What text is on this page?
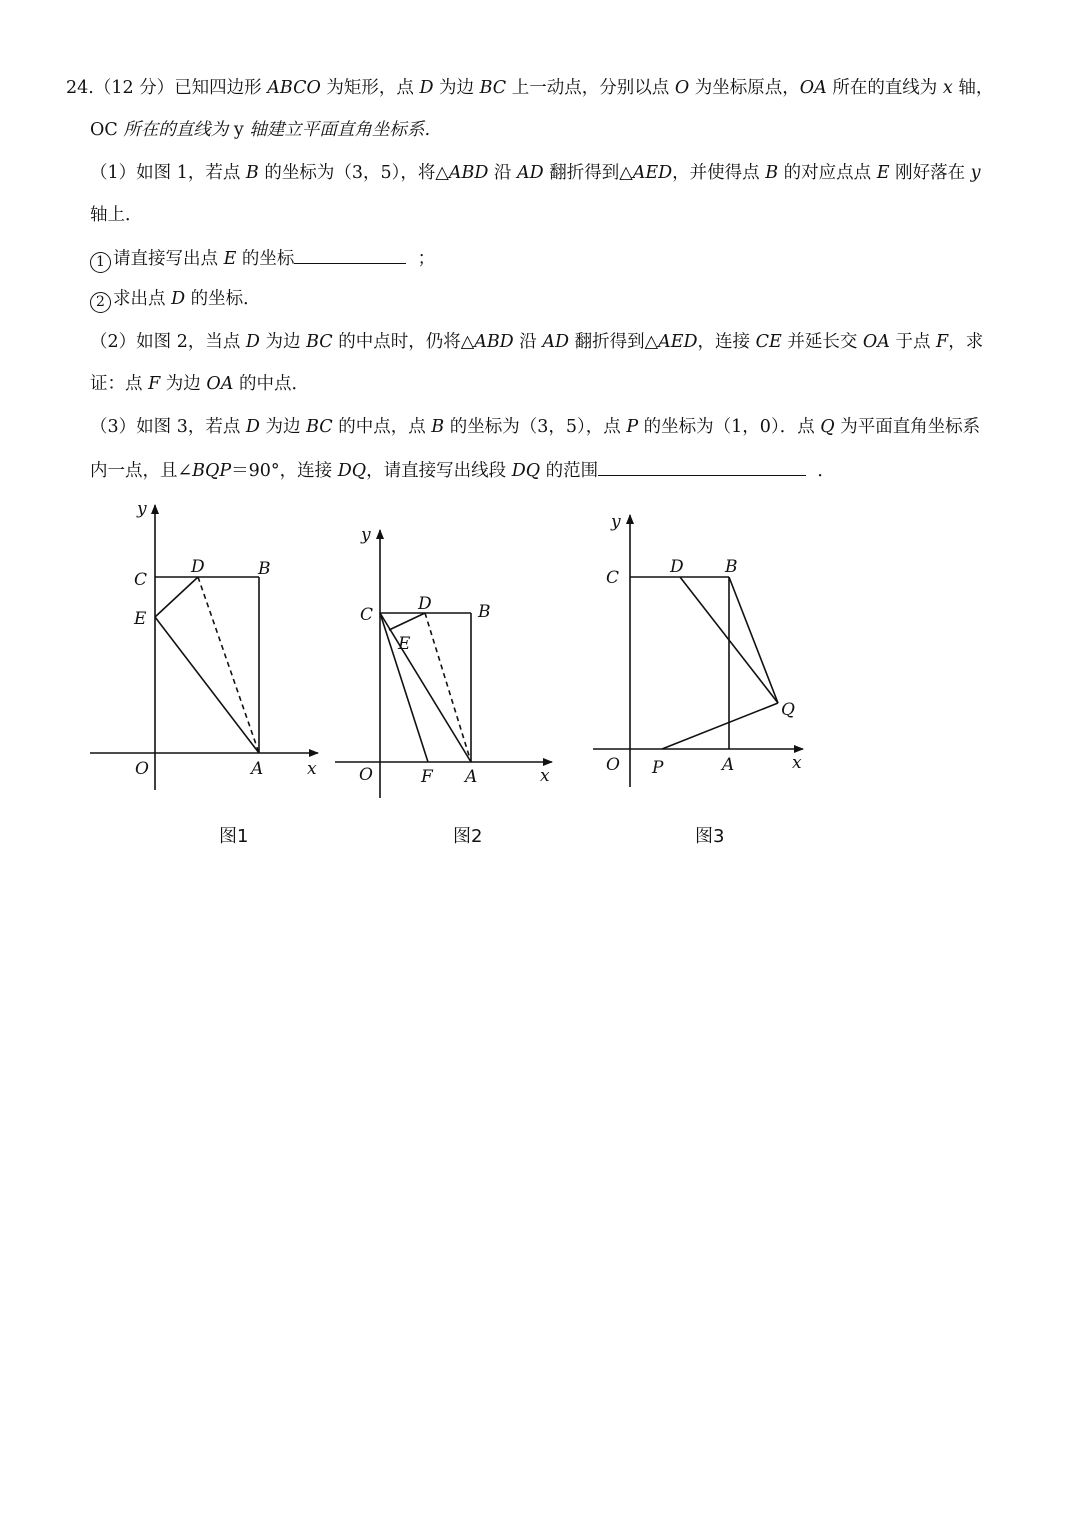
24.（12 分）已知四边形 ABCO 为矩形，点 D 为边 BC 上一动点，分别以点 O 为坐标原点，OA 所在的直线为 x 轴，
OC 所在的直线为 y 轴建立平面直角坐标系．
（1）如图 1，若点 B 的坐标为（3，5），将△ABD 沿 AD 翻折得到△AED，并使得点 B 的对应点点 E 刚好落在 y
轴上．
1 请直接写出点 E 的坐标	；
2 求出点 D 的坐标．
（2）如图 2，当点 D 为边 BC 的中点时，仍将△ABD 沿 AD 翻折得到△AED，连接 CE 并延长交 OA 于点 F，求
证：点 F 为边 OA 的中点．
（3）如图 3，若点 D 为边 BC 的中点，点 B 的坐标为（3，5），点 P 的坐标为（1，0）．点 Q 为平面直角坐标系
内一点，且∠BQP＝90°，连接 DQ，请直接写出线段 DQ 的范围	．
y
C
D	B
E
O	A	x
图1
y
C
D	B
E
O	F A	x
图2
y
C
D B
Q
O P	A	x
图3
